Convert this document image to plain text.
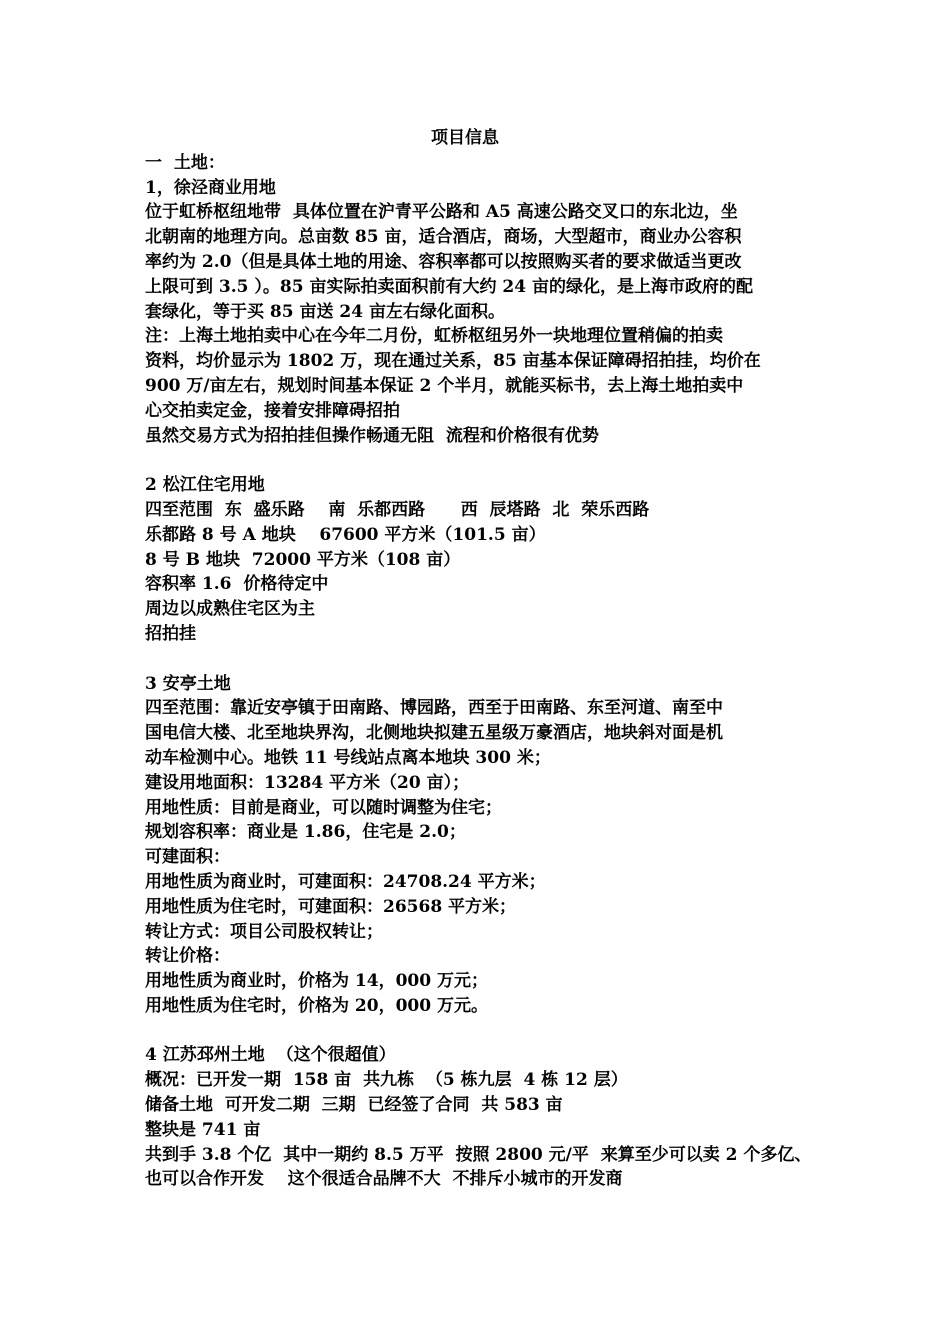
项目信息
一  土地：
1，徐泾商业用地
位于虹桥枢纽地带  具体位置在沪青平公路和 A5 高速公路交叉口的东北边，坐
北朝南的地理方向。总亩数 85 亩，适合酒店，商场，大型超市，商业办公容积
率约为 2.0（但是具体土地的用途、容积率都可以按照购买者的要求做适当更改
上限可到 3.5 ）。85 亩实际拍卖面积前有大约 24 亩的绿化，是上海市政府的配
套绿化，等于买 85 亩送 24 亩左右绿化面积。
注：上海土地拍卖中心在今年二月份，虹桥枢纽另外一块地理位置稍偏的拍卖
资料，均价显示为 1802 万，现在通过关系，85 亩基本保证障碍招拍挂，均价在
900 万/亩左右，规划时间基本保证 2 个半月，就能买标书，去上海土地拍卖中
心交拍卖定金，接着安排障碍招拍
虽然交易方式为招拍挂但操作畅通无阻  流程和价格很有优势
2 松江住宅用地
四至范围  东  盛乐路    南  乐都西路      西  辰塔路  北  荣乐西路
乐都路 8 号 A 地块    67600 平方米（101.5 亩）
8 号 B 地块  72000 平方米（108 亩）
容积率 1.6  价格待定中
周边以成熟住宅区为主
招拍挂
3 安亭土地
四至范围：靠近安亭镇于田南路、博园路，西至于田南路、东至河道、南至中
国电信大楼、北至地块界沟，北侧地块拟建五星级万豪酒店，地块斜对面是机
动车检测中心。地铁 11 号线站点离本地块 300 米；
建设用地面积：13284 平方米（20 亩）；
用地性质：目前是商业，可以随时调整为住宅；
规划容积率：商业是 1.86，住宅是 2.0；
可建面积：
用地性质为商业时，可建面积：24708.24 平方米；
用地性质为住宅时，可建面积：26568 平方米；
转让方式：项目公司股权转让；
转让价格：
用地性质为商业时，价格为 14，000 万元；
用地性质为住宅时，价格为 20，000 万元。
4 江苏邳州土地  （这个很超值）
概况：已开发一期  158 亩  共九栋  （5 栋九层  4 栋 12 层）
储备土地  可开发二期  三期  已经签了合同  共 583 亩
整块是 741 亩
共到手 3.8 个亿  其中一期约 8.5 万平  按照 2800 元/平  来算至少可以卖 2 个多亿、
也可以合作开发    这个很适合品牌不大  不排斥小城市的开发商
